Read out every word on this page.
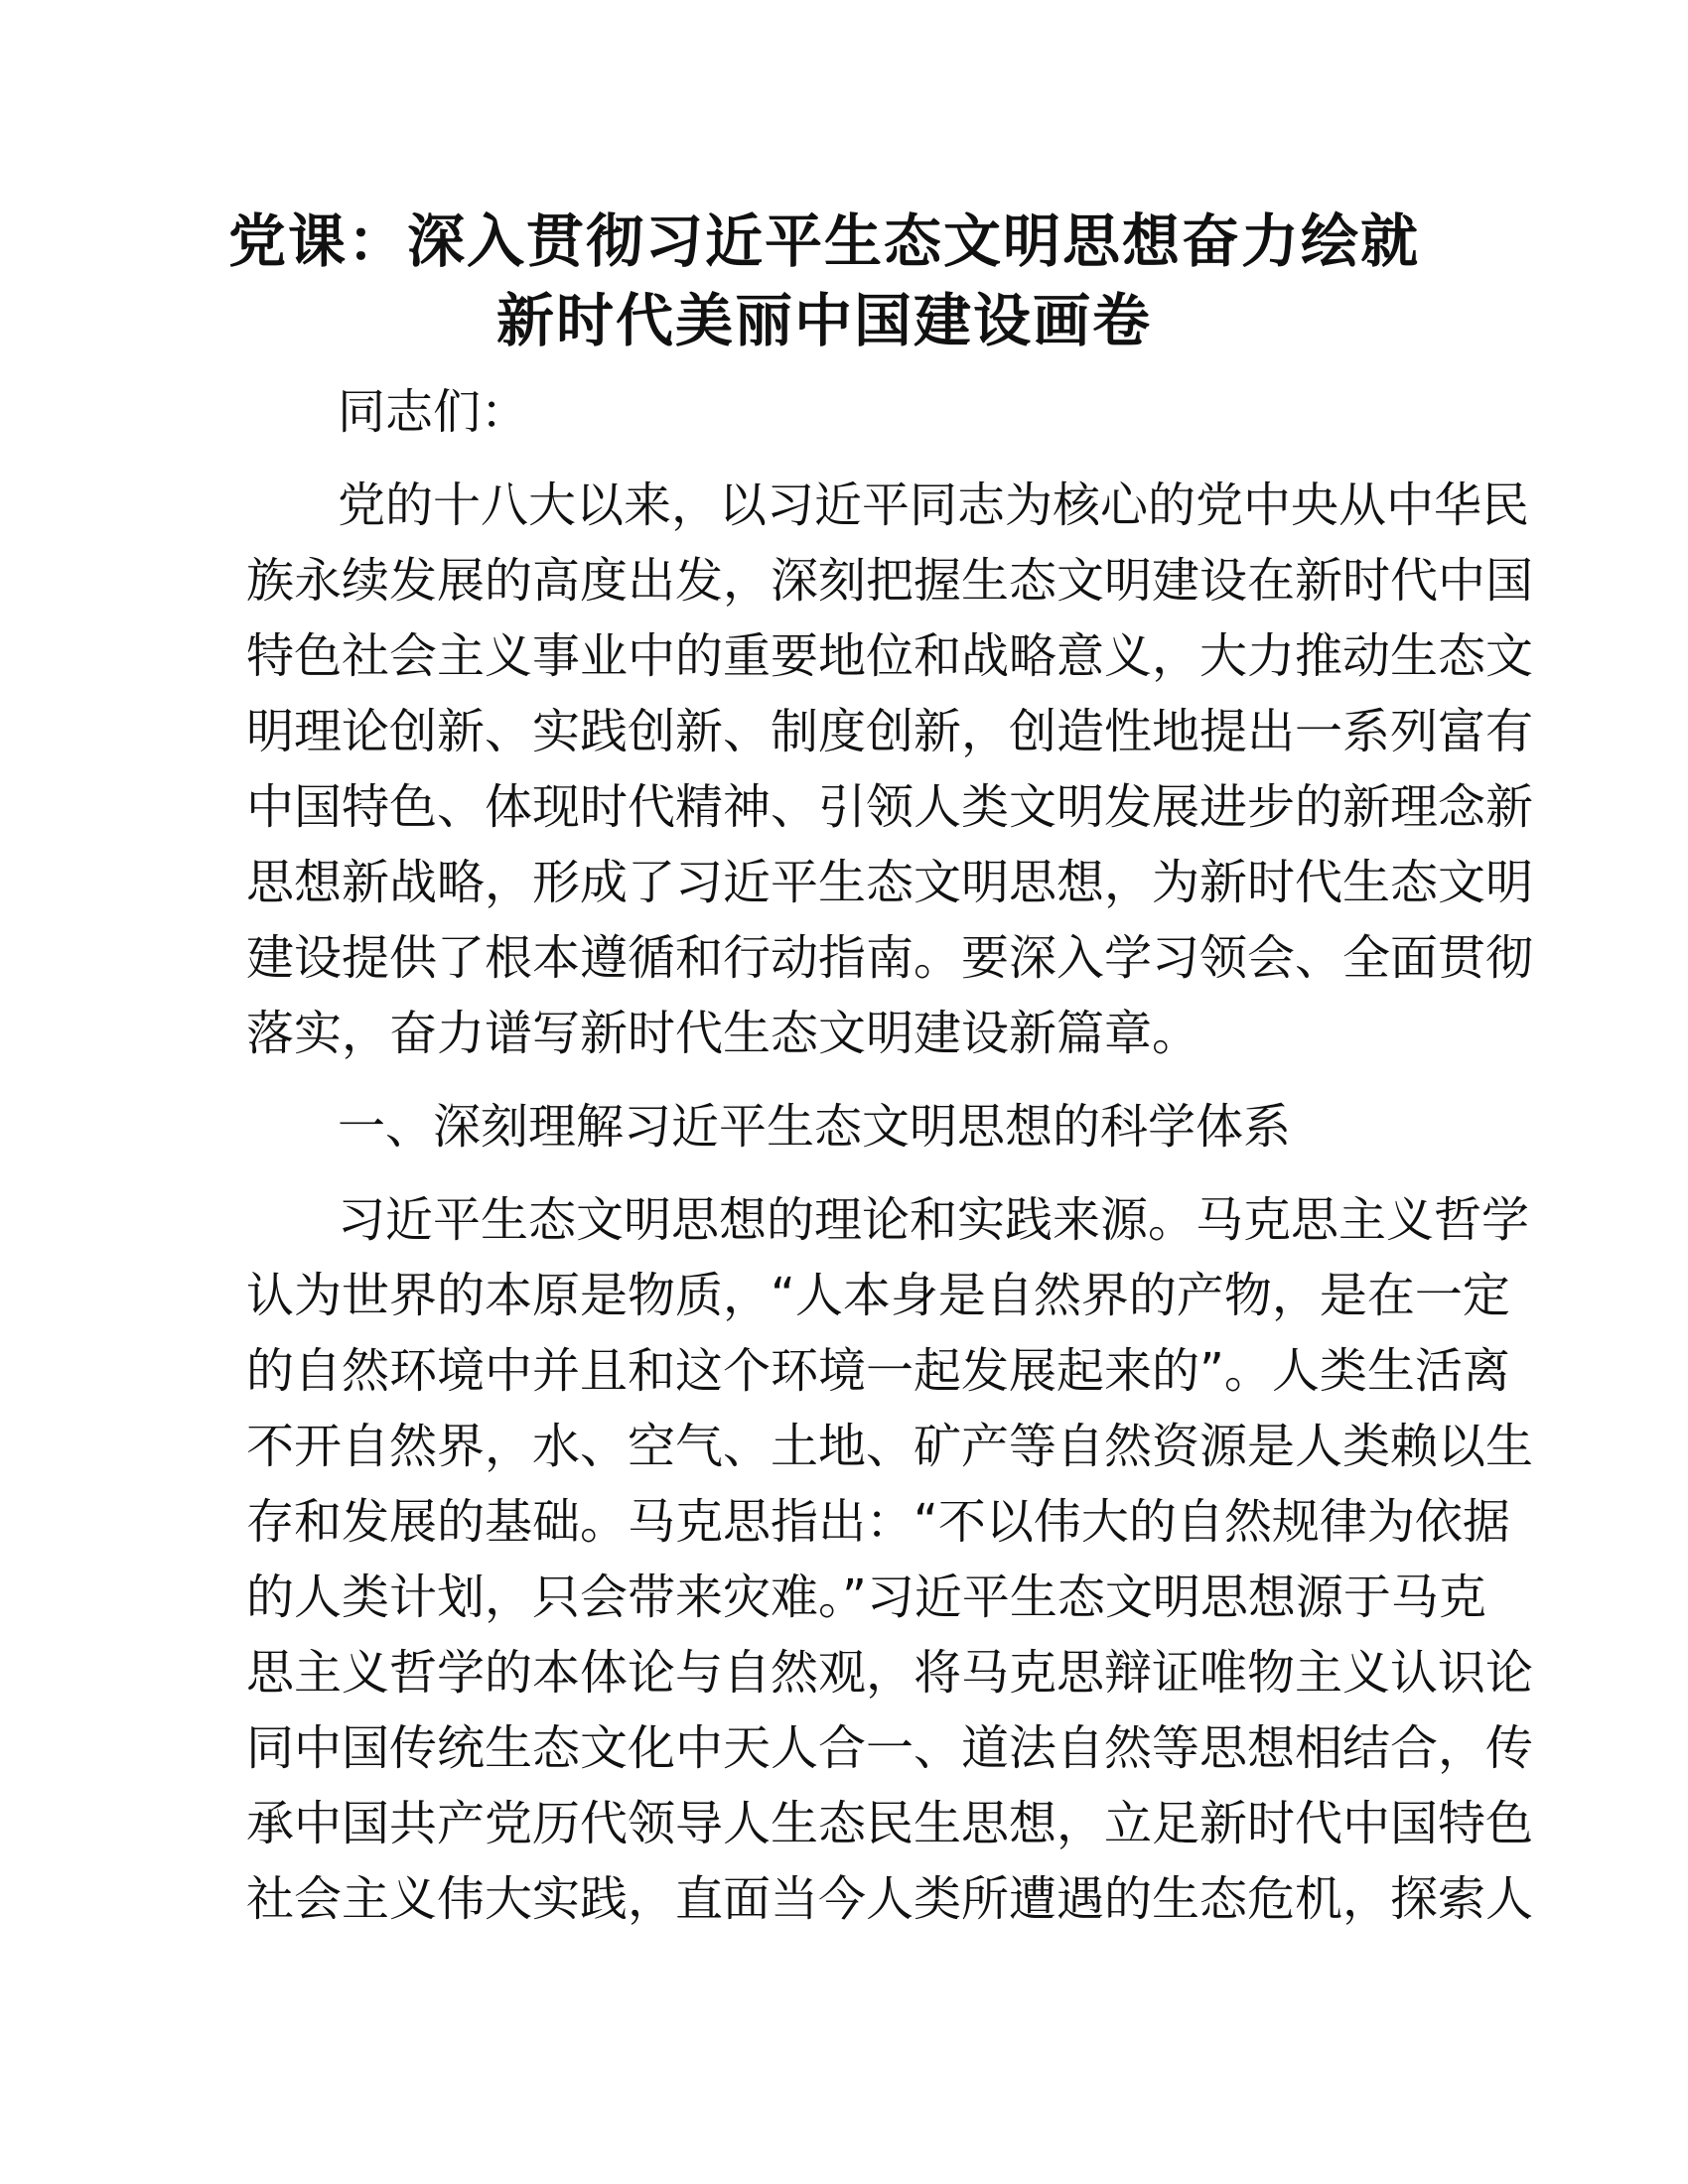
党课：深入贯彻习近平生态文明思想奋力绘就
新时代美丽中国建设画卷
同志们：
党的十八大以来，以习近平同志为核心的党中央从中华民
族永续发展的高度出发，深刻把握生态文明建设在新时代中国
特色社会主义事业中的重要地位和战略意义，大力推动生态文
明理论创新、实践创新、制度创新，创造性地提出一系列富有
中国特色、体现时代精神、引领人类文明发展进步的新理念新
思想新战略，形成了习近平生态文明思想，为新时代生态文明
建设提供了根本遵循和行动指南。要深入学习领会、全面贯彻
落实，奋力谱写新时代生态文明建设新篇章。
一、深刻理解习近平生态文明思想的科学体系
习近平生态文明思想的理论和实践来源。马克思主义哲学
认为世界的本原是物质，“人本身是自然界的产物，是在一定
的自然环境中并且和这个环境一起发展起来的”。人类生活离
不开自然界，水、空气、土地、矿产等自然资源是人类赖以生
存和发展的基础。马克思指出：“不以伟大的自然规律为依据
的人类计划，只会带来灾难。”习近平生态文明思想源于马克
思主义哲学的本体论与自然观，将马克思辩证唯物主义认识论
同中国传统生态文化中天人合一、道法自然等思想相结合，传
承中国共产党历代领导人生态民生思想，立足新时代中国特色
社会主义伟大实践，直面当今人类所遭遇的生态危机，探索人
